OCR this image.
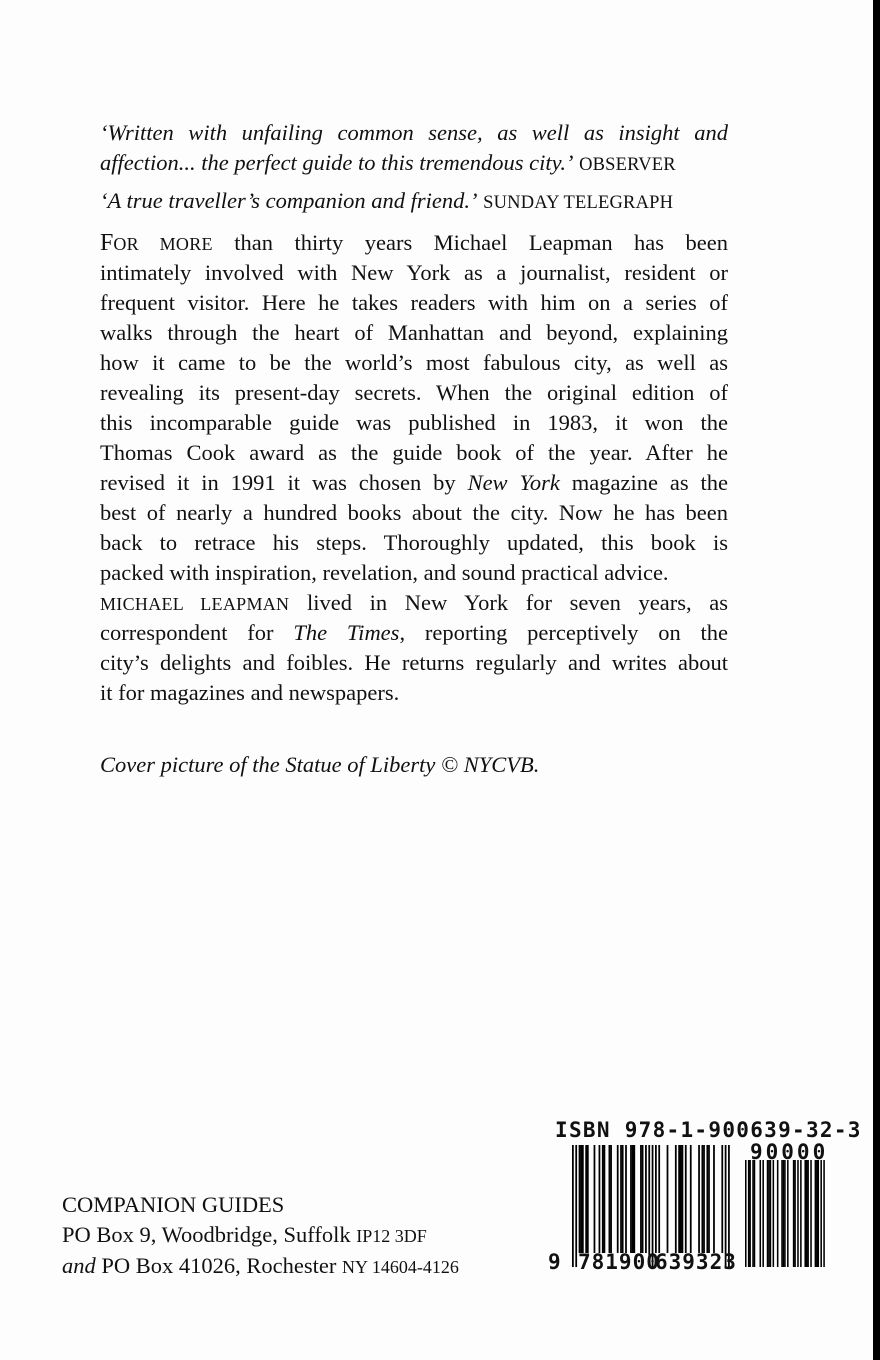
‘Written with unfailing common sense, as well as insight and affection... the perfect guide to this tremendous city.’ OBSERVER
‘A true traveller’s companion and friend.’ SUNDAY TELEGRAPH
FOR MORE than thirty years Michael Leapman has been
intimately involved with New York as a journalist, resident or
frequent visitor. Here he takes readers with him on a series of
walks through the heart of Manhattan and beyond, explaining
how it came to be the world’s most fabulous city, as well as
revealing its present-day secrets. When the original edition of
this incomparable guide was published in 1983, it won the
Thomas Cook award as the guide book of the year. After he
revised it in 1991 it was chosen by New York magazine as the
best of nearly a hundred books about the city. Now he has been
back to retrace his steps. Thoroughly updated, this book is
packed with inspiration, revelation, and sound practical advice.
MICHAEL LEAPMAN lived in New York for seven years, as
correspondent for The Times, reporting perceptively on the
city’s delights and foibles. He returns regularly and writes about
it for magazines and newspapers.
Cover picture of the Statue of Liberty © NYCVB.
COMPANION GUIDES
PO Box 9, Woodbridge, Suffolk IP12 3DF
and PO Box 41026, Rochester NY 14604-4126
ISBN 978-1-900639-32-3
90000
9 781900
639323
